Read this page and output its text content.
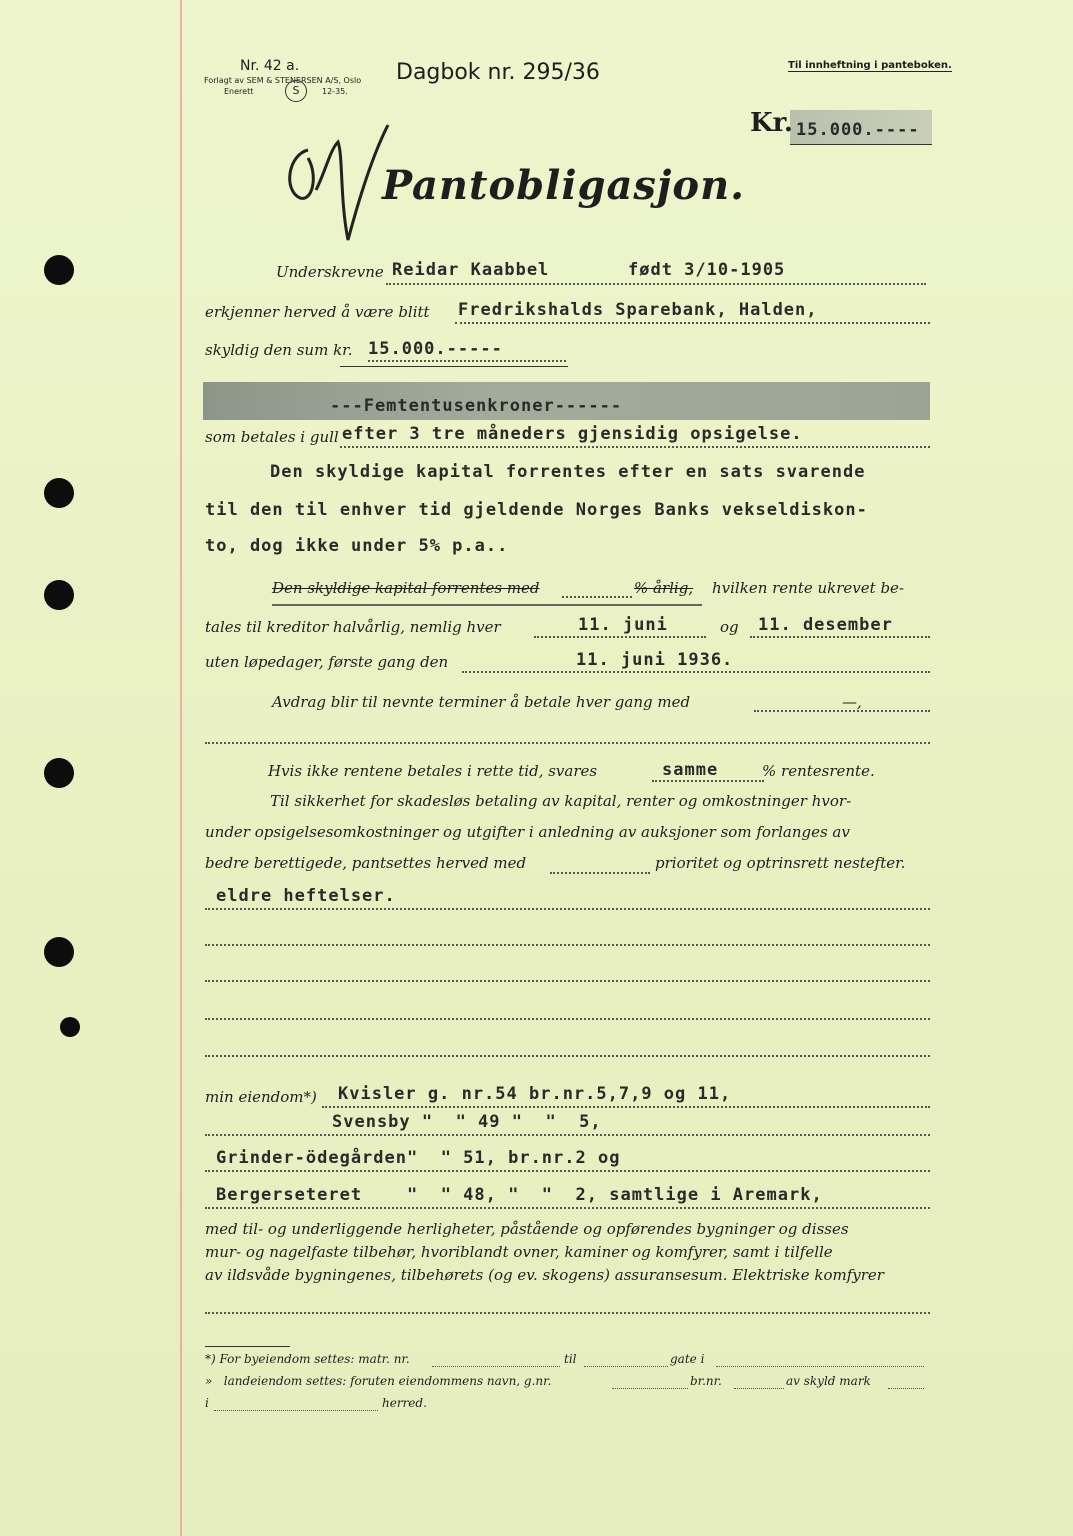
Nr. 42 a.
Forlagt av SEM & STENERSEN A/S, Oslo
Enerett	12-35.
S
Dagbok nr. 295/36	Til innheftning i panteboken.
Kr. 15.000.----
Pantobligasjon.
Underskrevne Reidar Kaabbel	født 3/10-1905
erkjenner herved å være blitt Fredrikshalds Sparebank, Halden,
skyldig den sum kr. 15.000.-----
---Femtentusenkroner------
som betales i gull efter 3 tre måneders gjensidig opsigelse.
Den skyldige kapital forrentes efter en sats svarende
til den til enhver tid gjeldende Norges Banks vekseldiskon-
to, dog ikke under 5% p.a..
Den skyldige kapital forrentes med	% årlig, hvilken rente ukrevet be-
tales til kreditor halvårlig, nemlig hver	11. juni	og 11. desember
uten løpedager, første gang den	11. juni 1936.
Avdrag blir til nevnte terminer å betale hver gang med	—,
Hvis ikke rentene betales i rette tid, svares	samme	% rentesrente.
Til sikkerhet for skadesløs betaling av kapital, renter og omkostninger hvor-
under opsigelsesomkostninger og utgifter i anledning av auksjoner som forlanges av
bedre berettigede, pantsettes herved med	prioritet og optrinsrett nestefter.
eldre heftelser.
min eiendom*) Kvisler g. nr.54 br.nr.5,7,9 og 11,
Svensby "  " 49 "  "  5,
Grinder-ödegården"  " 51, br.nr.2 og
Bergerseteret    "  " 48, "  "  2, samtlige i Aremark,
med til- og underliggende herligheter, påstående og opførendes bygninger og disses
mur- og nagelfaste tilbehør, hvoriblandt ovner, kaminer og komfyrer, samt i tilfelle
av ildsvåde bygningenes, tilbehørets (og ev. skogens) assuransesum. Elektriske komfyrer
*) For byeiendom settes: matr. nr.	til	gate i
»   landeiendom settes: foruten eiendommens navn, g.nr.	br.nr.	av skyld mark
i	herred.
